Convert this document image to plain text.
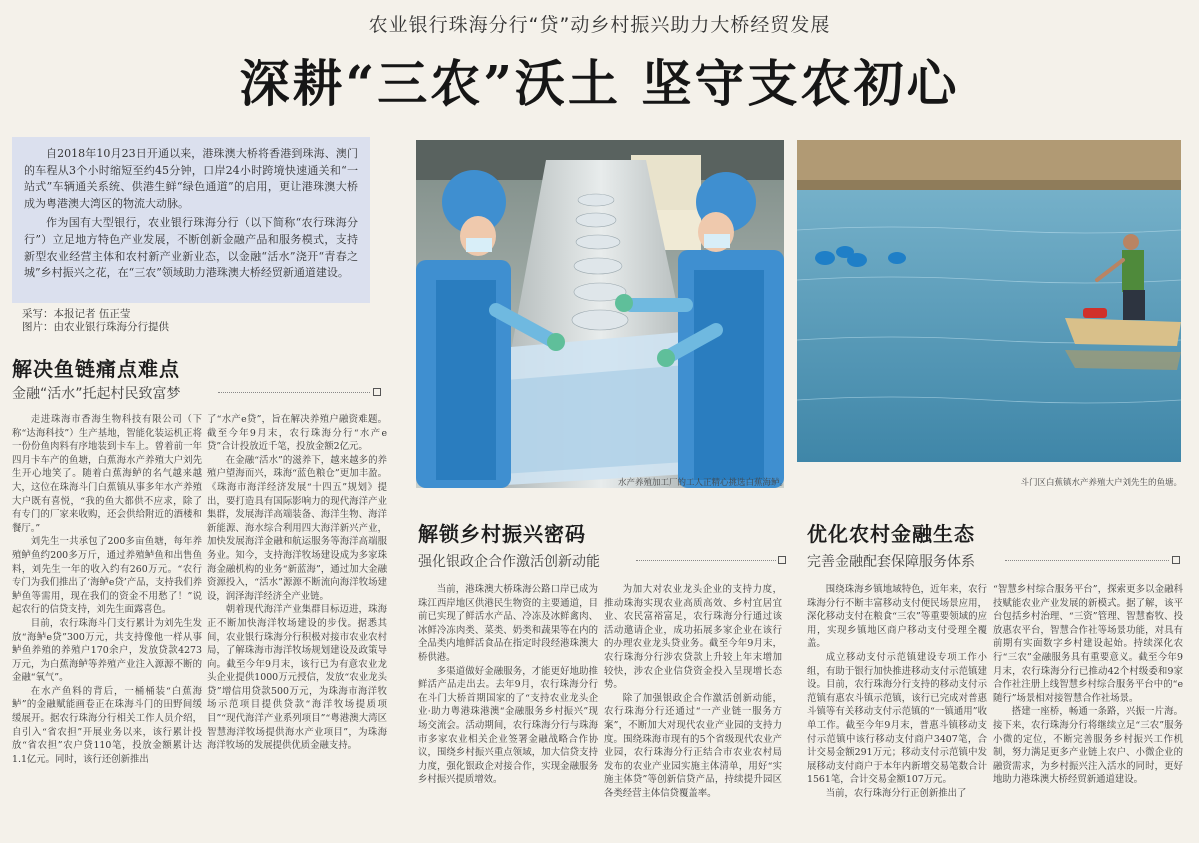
农业银行珠海分行“贷”动乡村振兴助力大桥经贸发展
深耕“三农”沃土 坚守支农初心

自2018年10月23日开通以来，港珠澳大桥将香港到珠海、澳门的车程从3个小时缩短至约45分钟，口岸24小时跨境快速通关和“一站式”车辆通关系统、供港生鲜“绿色通道”的启用，更让港珠澳大桥成为粤港澳大湾区的物流大动脉。

作为国有大型银行，农业银行珠海分行（以下简称“农行珠海分行”）立足地方特色产业发展，不断创新金融产品和服务模式，支持新型农业经营主体和农村新产业新业态，以金融“活水”浇开“青春之城”乡村振兴之花，在“三农”领域助力港珠澳大桥经贸新通道建设。

采写：本报记者 伍正莹
图片：由农业银行珠海分行提供
水产养殖加工厂的工人正精心挑选白蕉海鲈。	斗门区白蕉镇水产养殖大户刘先生的鱼塘。
解决鱼链痛点难点
金融“活水”托起村民致富梦

走进珠海市香海生物科技有限公司（下称“达海科技”）生产基地，智能化装运机正将一份份鱼肉料有序地装到卡车上。曾着前一年四月卡车产的鱼塘，白蕉海水产养殖大户刘先生开心地笑了。随着白蕉海鲈的名气越来越大，这位在珠海斗门白蕉镇从事多年水产养殖大户既有喜悦，“我的鱼大都供不应求，除了有专门的厂家来收购，还会供给附近的酒楼和餐厅。”

刘先生一共承包了200多亩鱼塘，每年养殖鲈鱼约200多万斤，通过养殖鲈鱼和出售鱼料，刘先生一年的收入约有260万元。“农行专门为我们推出了‘海鲈e贷’产品，支持我们养鲈鱼等需用，现在我们的资金不用愁了！”说起农行的信贷支持，刘先生面露喜色。

目前，农行珠海斗门支行累计为刘先生发放“海鲈e贷”300万元，共支持像他一样从事鲈鱼养殖的养殖户170余户，发放贷款4273万元，为白蕉海鲈等养殖产业注入源源不断的金融“氧气”。

在水产鱼料的背后，一桶桶装“白蕉海鲈”的金融赋能画卷正在珠海斗门的田野间缓缓展开。据农行珠海分行相关工作人员介绍，自引入“省农担”开展业务以来，该行累计投放“省农担”农户贷110笔，投放金额累计达1.1亿元。同时，该行还创新推出

了“水产e贷”，旨在解决养殖户融资难题。截至今年9月末，农行珠海分行“水产e贷”合计投放近千笔，投放金额2亿元。

在金融“活水”的滋养下，越来越多的养殖户望海而兴，珠海“蓝色粮仓”更加丰盈。《珠海市海洋经济发展“十四五”规划》提出，要打造具有国际影响力的现代海洋产业集群，发展海洋高端装备、海洋生物、海洋新能源、海水综合利用四大海洋新兴产业，加快发展海洋金融和航运服务等海洋高端服务业。知今，支持海洋牧场建设成为多家珠海金融机构的业务“新蓝海”，通过加大金融资源投入，“活水”源源不断流向海洋牧场建设，润泽海洋经济全产业链。

朝着现代海洋产业集群目标迈进，珠海正不断加快海洋牧场建设的步伐。据悉其间，农业银行珠海分行积极对接市农业农村局，了解珠海市海洋牧场规划建设及政策导向。截至今年9月末，该行已为有意农业龙头企业提供1000万元授信，发放“农业龙头贷”增信用贷款500万元，为珠海市海洋牧场示范项目提供贷款“海洋牧场提质项目”“现代海洋产业系列项目”“粤港澳大湾区智慧海洋牧场提供海水产业项目”，为珠海海洋牧场的发展提供优质金融支持。

解锁乡村振兴密码
强化银政企合作激活创新动能

当前，港珠澳大桥珠海公路口岸已成为珠江西岸地区供港民生物资的主要通道，目前已实现了鲜活水产品、冷冻及冰鲜禽肉、冰鲜冷冻肉类、菜类、奶类和蔬果等在内的全品类内地鲜活食品在指定时段经港珠澳大桥供港。

多渠道做好金融服务，才能更好地助推鲜活产品走出去。去年9月，农行珠海分行在斗门大桥首期国家的了“支持农业龙头企业·助力粤港珠港澳“金融服务乡村振兴”现场交流会。活动期间，农行珠海分行与珠海市多家农业相关企业签署金融战略合作协议，围绕乡村振兴重点领域，加大信贷支持力度，强化银政企对接合作，实现金融服务乡村振兴提质增效。

为加大对农业龙头企业的支持力度，推动珠海实现农业高质高效、乡村宜居宜业、农民富裕富足，农行珠海分行通过该活动邀请企业，成功拓展多家企业在该行的办理农业龙头贷业务。截至今年9月末，农行珠海分行涉农贷款上升较上年末增加较快，涉农企业信贷资金投入呈现增长态势。

除了加强银政企合作激活创新动能，农行珠海分行还通过“一产业链一服务方案”，不断加大对现代农业产业园的支持力度。围绕珠海市现有的5个省级现代农业产业园，农行珠海分行正结合市农业农村局发布的农业产业园实施主体清单，用好“实施主体贷”等创新信贷产品，持续提升园区各类经营主体信贷覆盖率。

优化农村金融生态
完善金融配套保障服务体系

围绕珠海乡镇地域特色，近年来，农行珠海分行不断丰富移动支付便民场景应用，深化移动支付在粮食“三农”等重要领域的应用，实现乡镇地区商户移动支付受理全覆盖。

成立移动支付示范镇建设专项工作小组，有助于银行加快推进移动支付示范镇建设。目前，农行珠海分行支持的移动支付示范镇有惠农斗镇示范镇，该行已完成对普惠斗镇等有关移动支付示范镇的“一镇通用”收单工作。截至今年9月末，普惠斗镇移动支付示范镇中该行移动支付商户3407笔，合计交易金额291万元；移动支付示范镇中发展移动支付商户于本年内新增交易笔数合计1561笔，合计交易金额107万元。

当前，农行珠海分行正创新推出了

“智慧乡村综合服务平台”，探索更多以金融科技赋能农业产业发展的新模式。据了解，该平台包括乡村治理、“三资”管理、智慧畜牧、投放惠农平台，智慧合作社等场景功能，对具有前期有实面数字乡村建设起始。持续深化农行“三农”金融服务具有重要意义。截至今年9月末，农行珠海分行已推动42个村级委和9家合作社注册上线智慧乡村综合服务平台中的“e随行”场景相对接智慧合作社场景。

搭建一座桥，畅通一条路，兴振一片海。接下来，农行珠海分行将继续立足“三农”服务小微的定位，不断完善服务乡村振兴工作机制，努力满足更多产业链上农户、小微企业的融资需求，为乡村振兴注入活水的同时，更好地助力港珠澳大桥经贸新通道建设。
